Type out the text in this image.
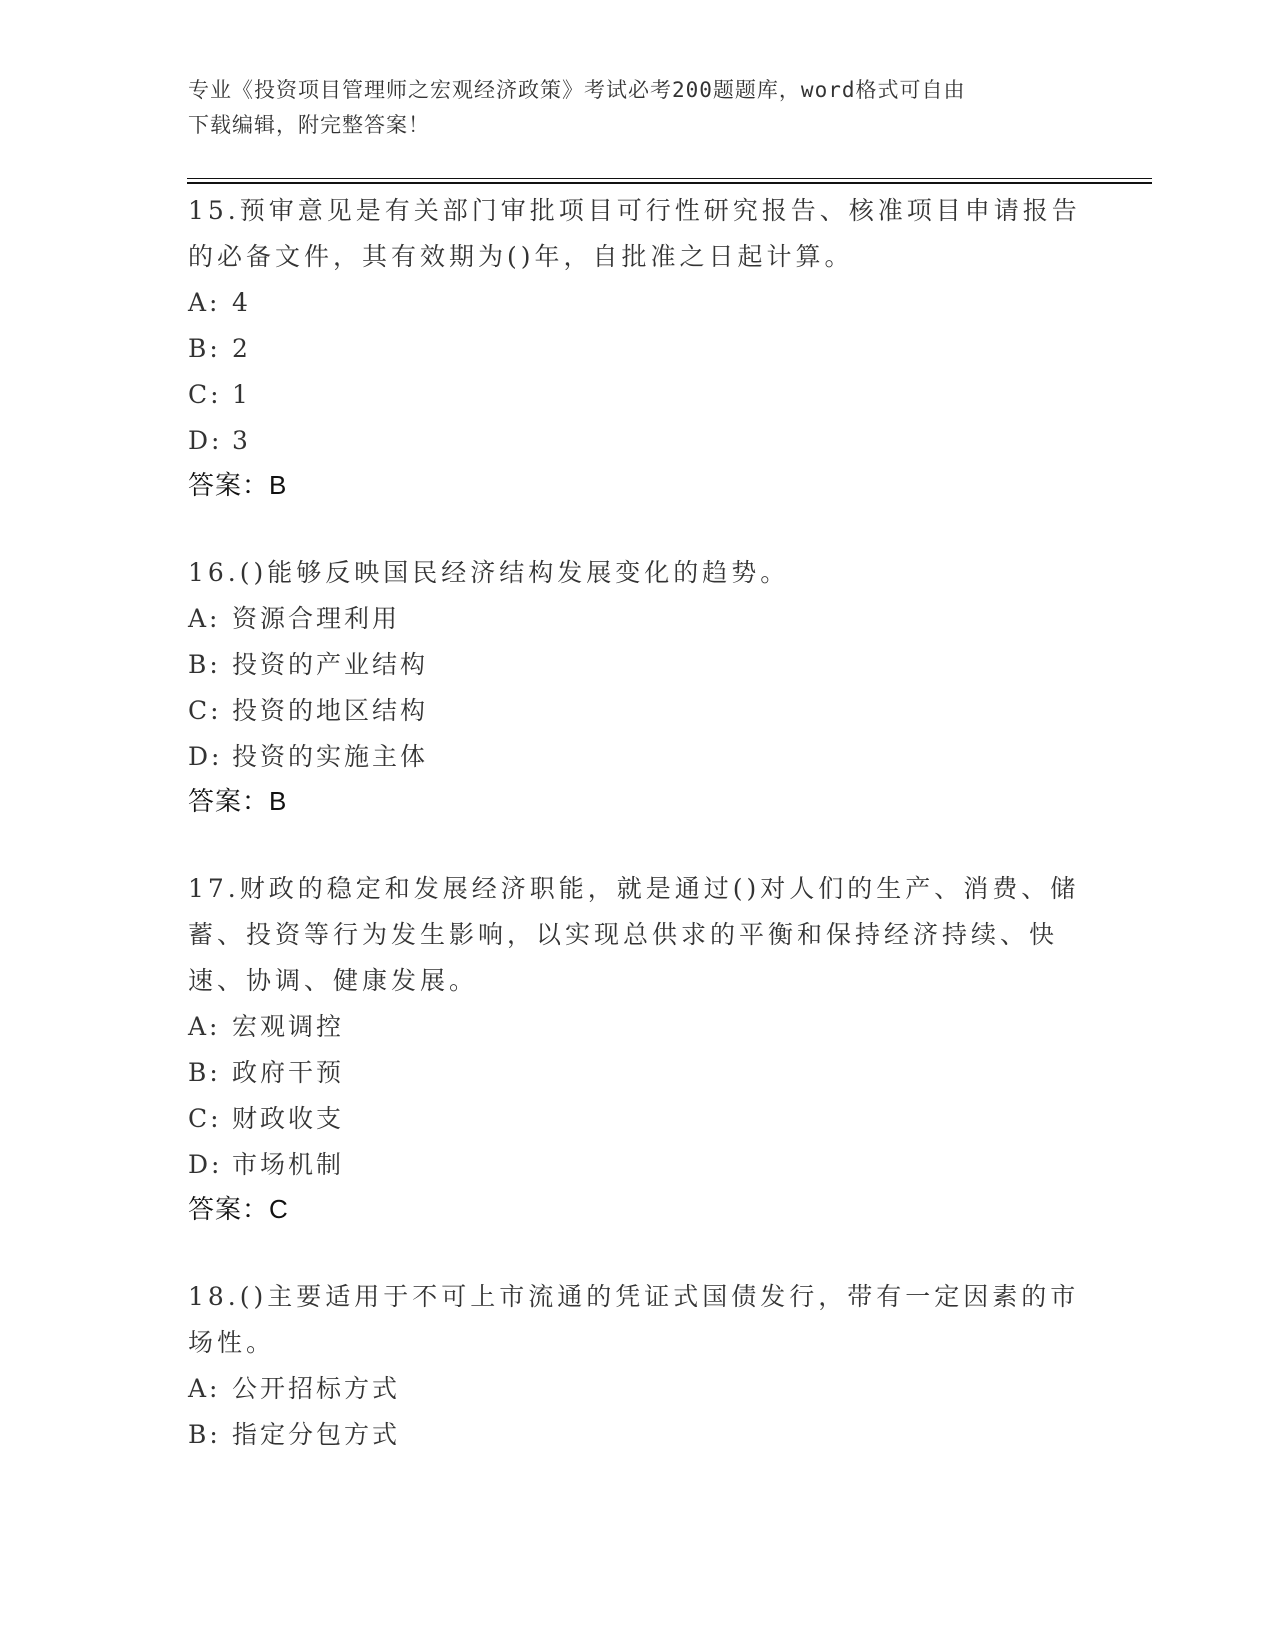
专业《投资项目管理师之宏观经济政策》考试必考200题题库，word格式可自由
下载编辑，附完整答案！
15.预审意见是有关部门审批项目可行性研究报告、核准项目申请报告的必备文件，其有效期为()年，自批准之日起计算。
A: 4
B: 2
C: 1
D: 3
答案：B
16.()能够反映国民经济结构发展变化的趋势。
A: 资源合理利用
B: 投资的产业结构
C: 投资的地区结构
D: 投资的实施主体
答案：B
17.财政的稳定和发展经济职能，就是通过()对人们的生产、消费、储蓄、投资等行为发生影响，以实现总供求的平衡和保持经济持续、快速、协调、健康发展。
A: 宏观调控
B: 政府干预
C: 财政收支
D: 市场机制
答案：C
18.()主要适用于不可上市流通的凭证式国债发行，带有一定因素的市场性。
A: 公开招标方式
B: 指定分包方式
